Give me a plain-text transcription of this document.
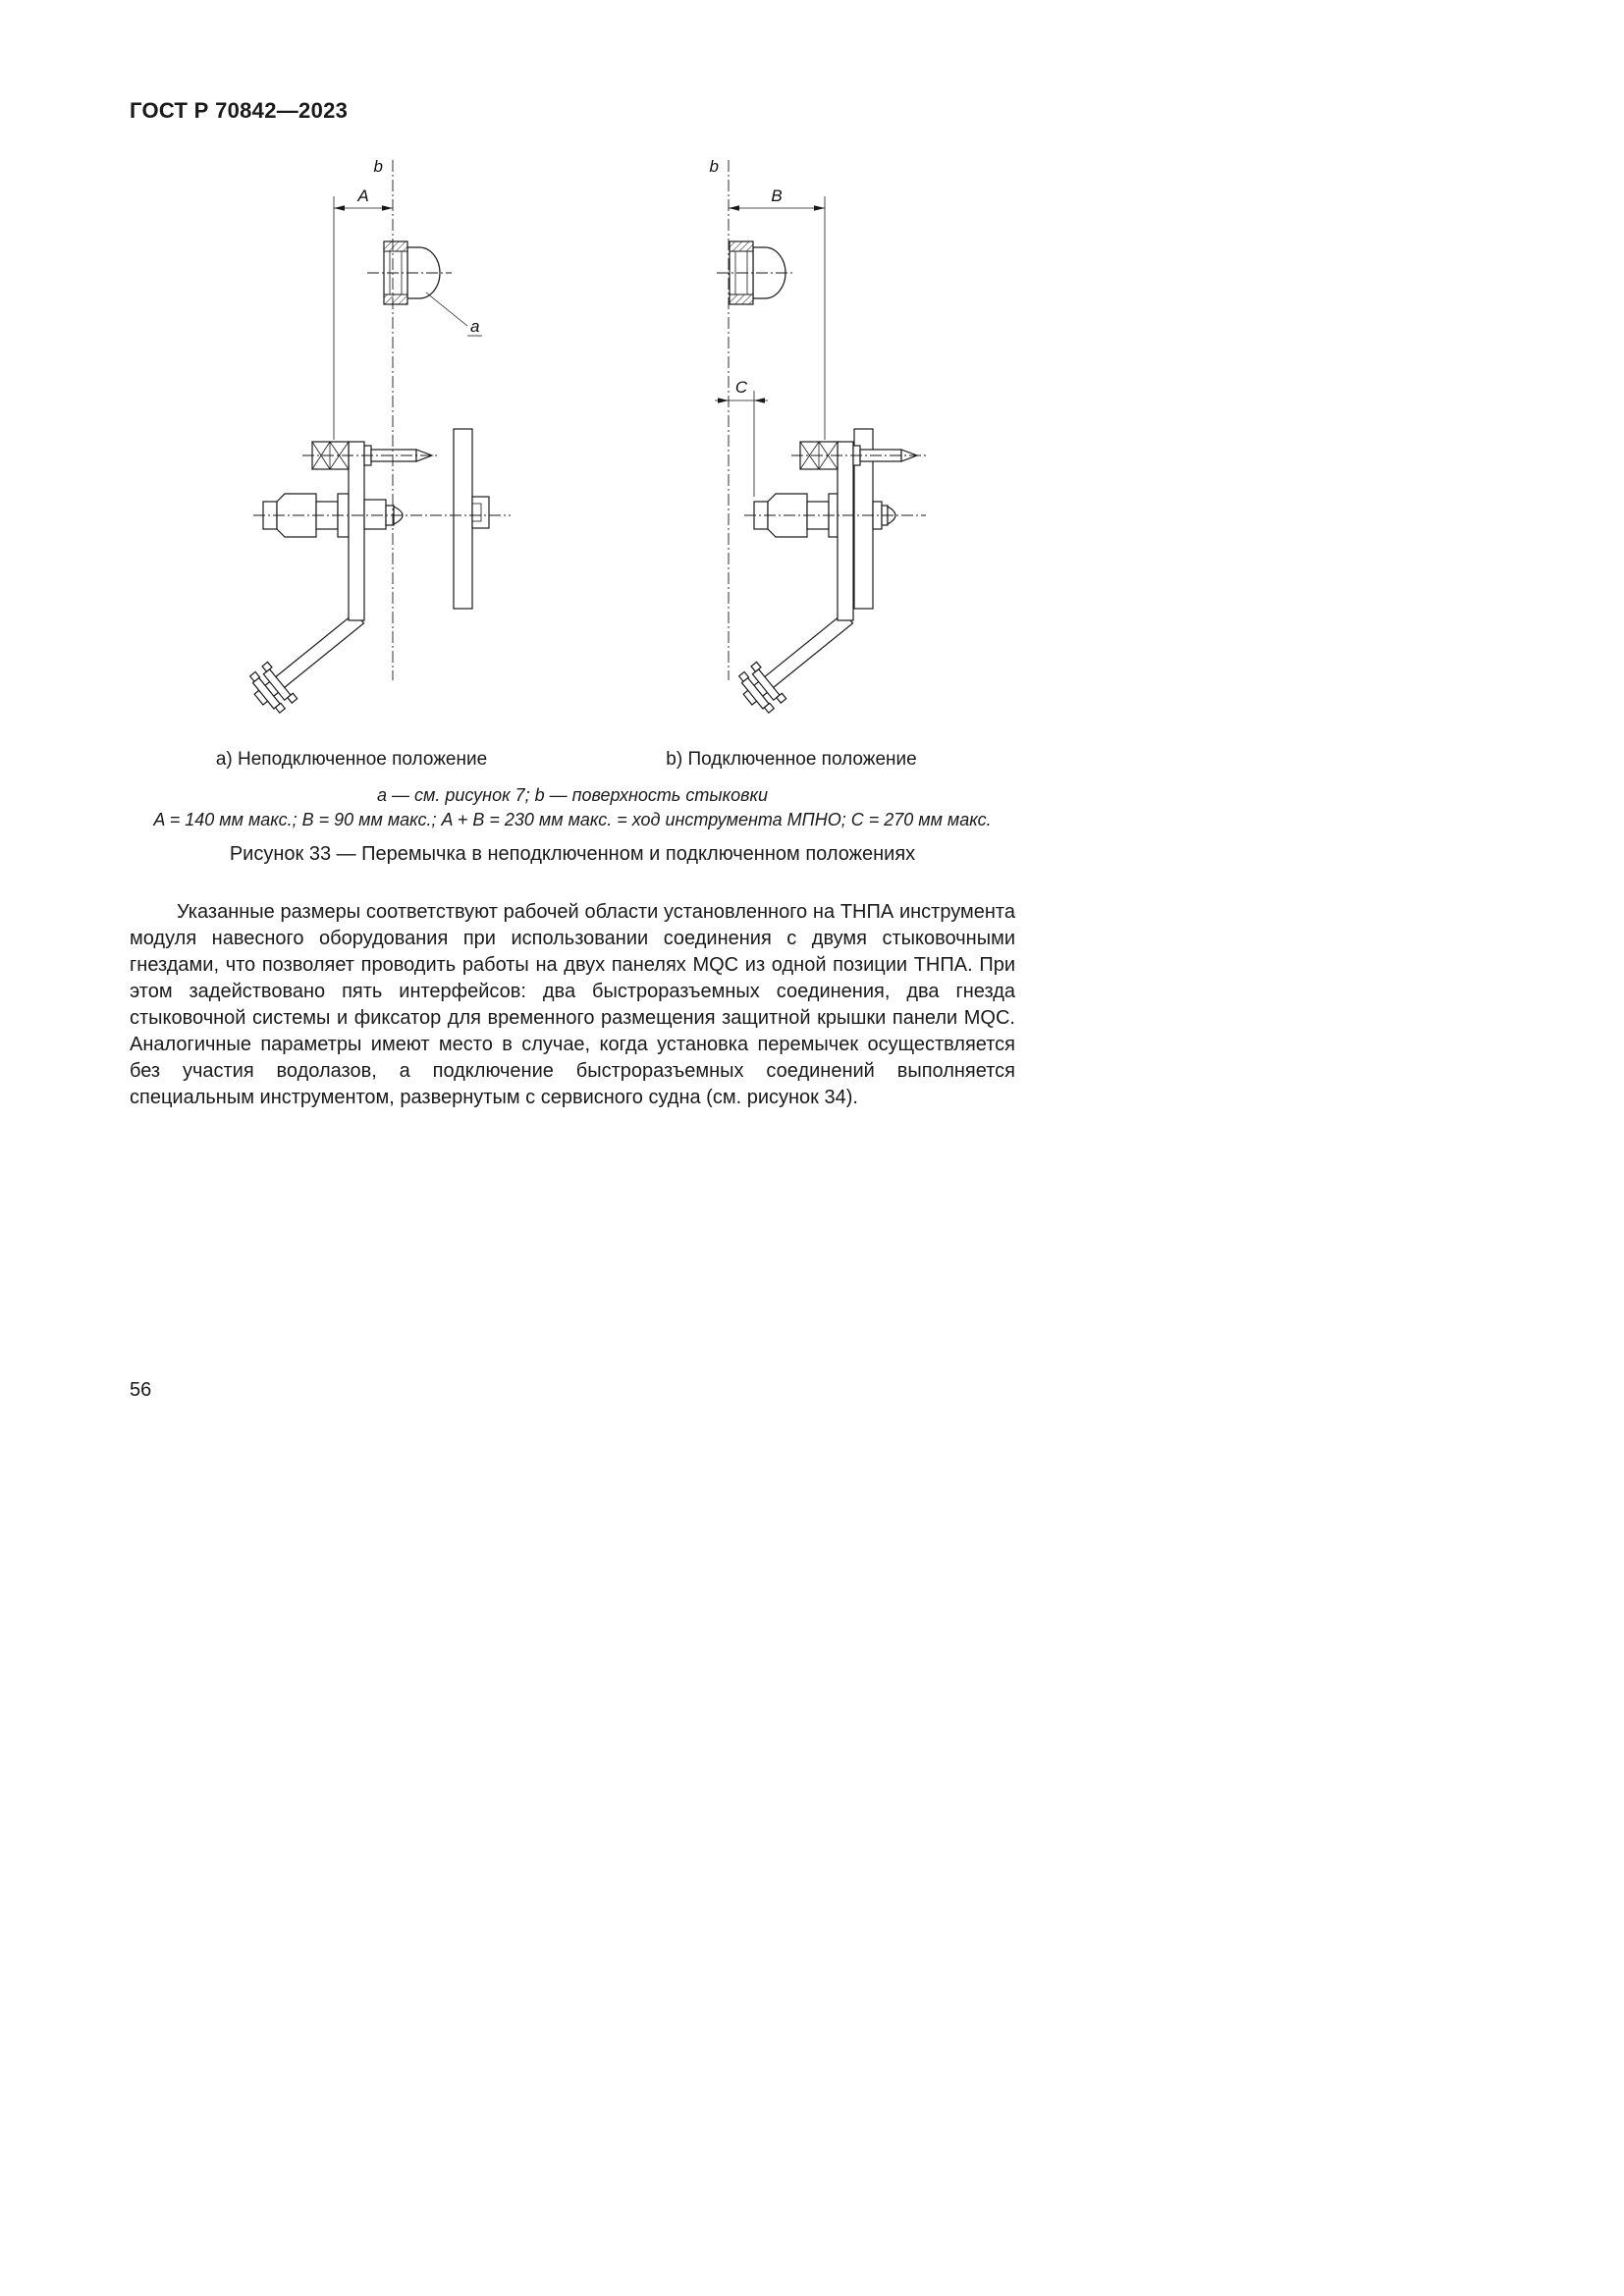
ГОСТ Р 70842—2023
A
a
b
B
C
b
a) Неподключенное положение	b) Подключенное положение
a — см. рисунок 7; b — поверхность стыковки
A = 140 мм макс.; B = 90 мм макс.; A + B = 230 мм макс. = ход инструмента МПНО; C = 270 мм макс.
Рисунок 33 — Перемычка в неподключенном и подключенном положениях

Указанные размеры соответствуют рабочей области установленного на ТНПА инструмента модуля навесного оборудования при использовании соединения с двумя стыковочными гнездами, что позволяет проводить работы на двух панелях MQC из одной позиции ТНПА. При этом задействовано пять интерфейсов: два быстроразъемных соединения, два гнезда стыковочной системы и фиксатор для временного размещения защитной крышки панели MQC. Аналогичные параметры имеют место в случае, когда установка перемычек осуществляется без участия водолазов, а подключение быстроразъемных соединений выполняется специальным инструментом, развернутым с сервисного судна (см. рисунок 34).

56
